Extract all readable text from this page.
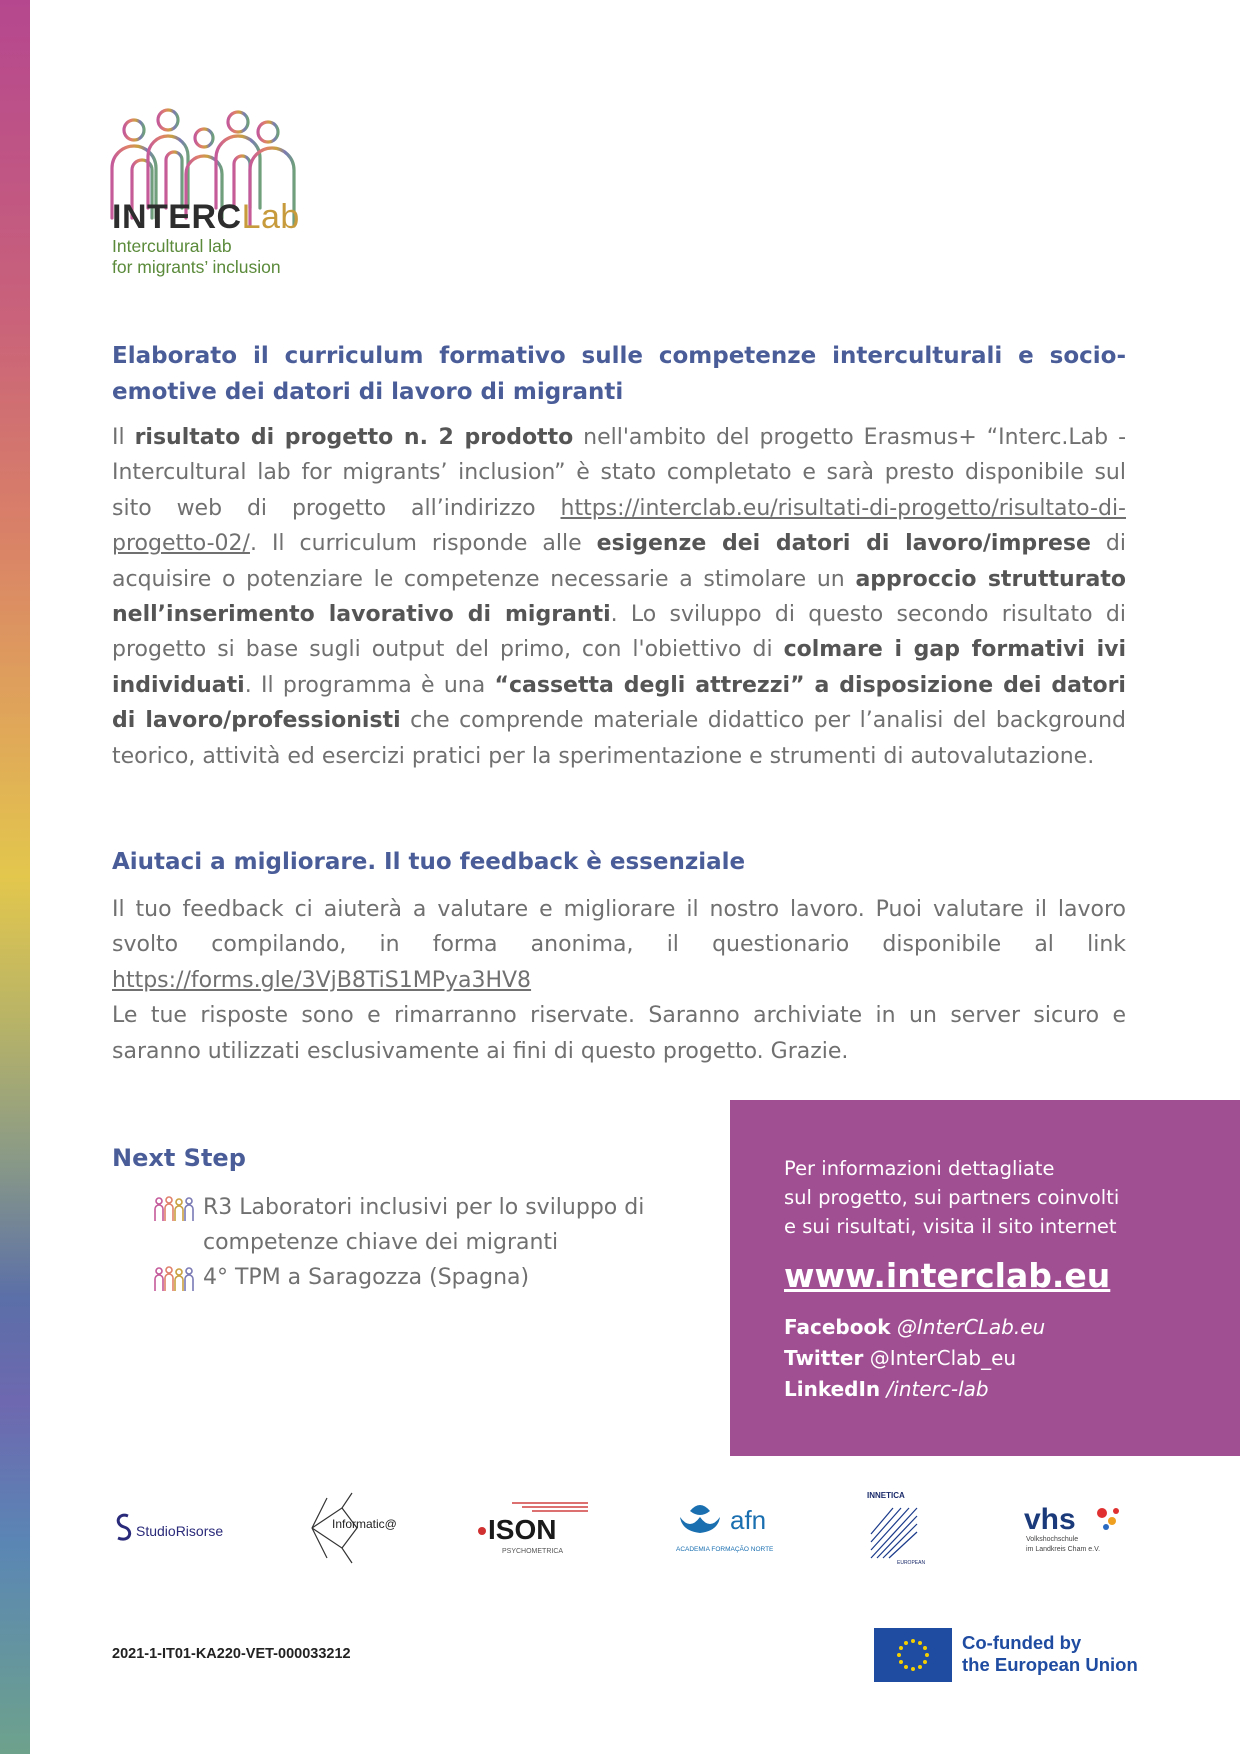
INTERCLab
Intercultural lab
for migrants’ inclusion
Elaborato il curriculum formativo sulle competenze interculturali e socio-emotive dei datori di lavoro di migranti
Il risultato di progetto n. 2 prodotto nell'ambito del progetto Erasmus+ “Interc.Lab - Intercultural lab for migrants’ inclusion” è stato completato e sarà presto disponibile sul sito web di progetto all’indirizzo https://interclab.eu/risultati-di-progetto/risultato-di-progetto-02/. Il curriculum risponde alle esigenze dei datori di lavoro/imprese di acquisire o potenziare le competenze necessarie a stimolare un approccio strutturato nell’inserimento lavorativo di migranti. Lo sviluppo di questo secondo risultato di progetto si base sugli output del primo, con l'obiettivo di colmare i gap formativi ivi individuati. Il programma è una “cassetta degli attrezzi” a disposizione dei datori di lavoro/professionisti che comprende materiale didattico per l’analisi del background teorico, attività ed esercizi pratici per la sperimentazione e strumenti di autovalutazione.
Aiutaci a migliorare. Il tuo feedback è essenziale
Il tuo feedback ci aiuterà a valutare e migliorare il nostro lavoro. Puoi valutare il lavoro svolto compilando, in forma anonima, il questionario disponibile al link https://forms.gle/3VjB8TiS1MPya3HV8
Le tue risposte sono e rimarranno riservate. Saranno archiviate in un server sicuro e saranno utilizzati esclusivamente ai fini di questo progetto. Grazie.
Next Step
R3 Laboratori inclusivi per lo sviluppo di competenze chiave dei migranti
4° TPM a Saragozza (Spagna)
Per informazioni dettagliate
sul progetto, sui partners coinvolti
e sui risultati, visita il sito internet
www.interclab.eu
Facebook @InterCLab.eu
Twitter @InterClab_eu
LinkedIn /interc-lab
StudioRisorse	Informatic@	ISON
PSYCHOMETRICA
afn
ACADEMIA FORMAÇÃO NORTE
INNETICA
EUROPEAN
vhs
Volkshochschule
im Landkreis Cham e.V.
2021-1-IT01-KA220-VET-000033212
Co-funded by
the European Union
